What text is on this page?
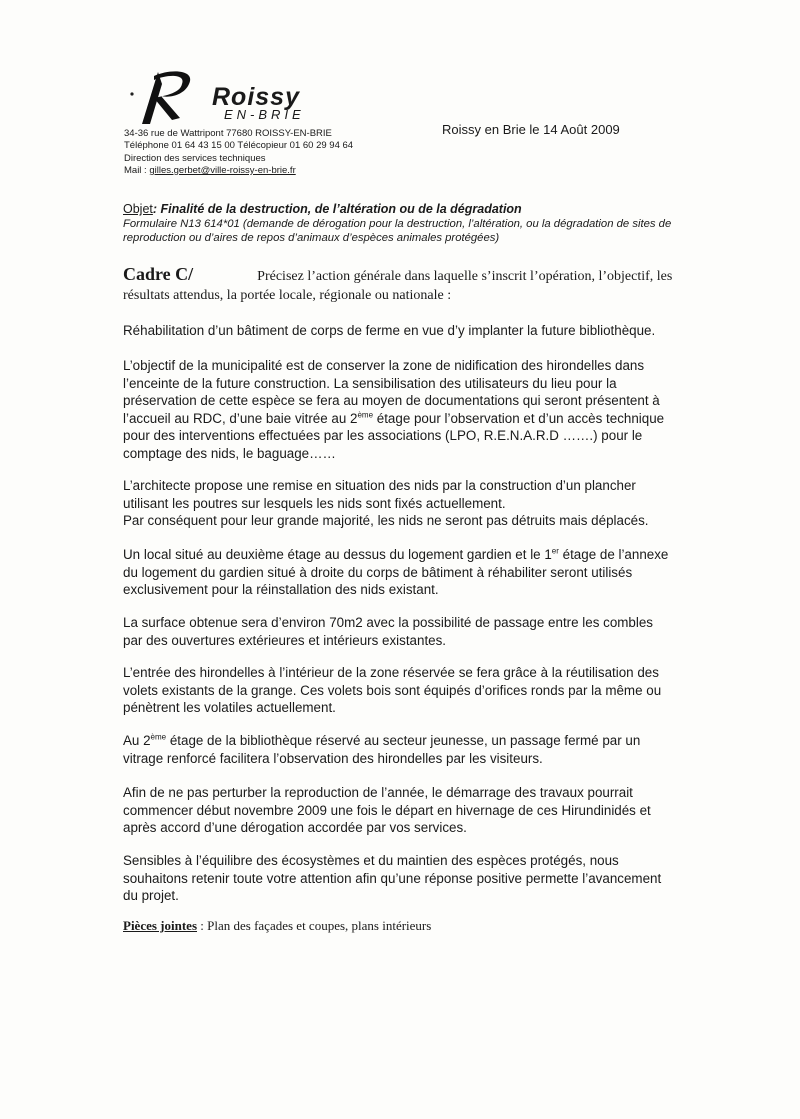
Roissy
EN-BRIE
34-36 rue de Wattripont 77680 ROISSY-EN-BRIE
Téléphone 01 64 43 15 00 Télécopieur 01 60 29 94 64
Direction des services techniques
Mail : gilles.gerbet@ville-roissy-en-brie.fr
Roissy en Brie le 14 Août 2009
Objet: Finalité de la destruction, de l’altération ou de la dégradation
Formulaire N13 614*01 (demande de dérogation pour la destruction, l’altération, ou la dégradation de sites de
reproduction ou d’aires de repos d’animaux d’espèces animales protégées)
Cadre C/	Précisez l’action générale dans laquelle s’inscrit l’opération, l’objectif, les
résultats attendus, la portée locale, régionale ou nationale :

Réhabilitation d’un bâtiment de corps de ferme en vue d’y implanter la future bibliothèque.

L’objectif de la municipalité est de conserver la zone de nidification des hirondelles dans

l’enceinte de la future construction. La sensibilisation des utilisateurs du lieu pour la

préservation de cette espèce se fera au moyen de documentations qui seront présentent à

l’accueil au RDC, d’une baie vitrée au 2ème étage pour l’observation et d’un accès technique

pour des interventions effectuées par les associations (LPO, R.E.N.A.R.D …….) pour le

comptage des nids, le baguage……

L’architecte propose une remise en situation des nids par la construction d’un plancher

utilisant les poutres sur lesquels les nids sont fixés actuellement.

Par conséquent pour leur grande majorité, les nids ne seront pas détruits mais déplacés.

Un local situé au deuxième étage au dessus du logement gardien et le 1er étage de l’annexe

du logement du gardien situé à droite du corps de bâtiment à réhabiliter seront utilisés

exclusivement pour la réinstallation des nids existant.

La surface obtenue sera d’environ 70m2 avec la possibilité de passage entre les combles

par des ouvertures extérieures et intérieurs existantes.

L’entrée des hirondelles à l’intérieur de la zone réservée se fera grâce à la réutilisation des

volets existants de la grange. Ces volets bois sont équipés d’orifices ronds par la même ou

pénètrent les volatiles actuellement.

Au 2ème étage de la bibliothèque réservé au secteur jeunesse, un passage fermé par un

vitrage renforcé facilitera l’observation des hirondelles par les visiteurs.

Afin de ne pas perturber la reproduction de l’année, le démarrage des travaux pourrait

commencer début novembre 2009 une fois le départ en hivernage de ces Hirundinidés et

après accord d’une dérogation accordée par vos services.

Sensibles à l’équilibre des écosystèmes et du maintien des espèces protégés, nous

souhaitons retenir toute votre attention afin qu’une réponse positive permette l’avancement

du projet.

Pièces jointes : Plan des façades et coupes, plans intérieurs
